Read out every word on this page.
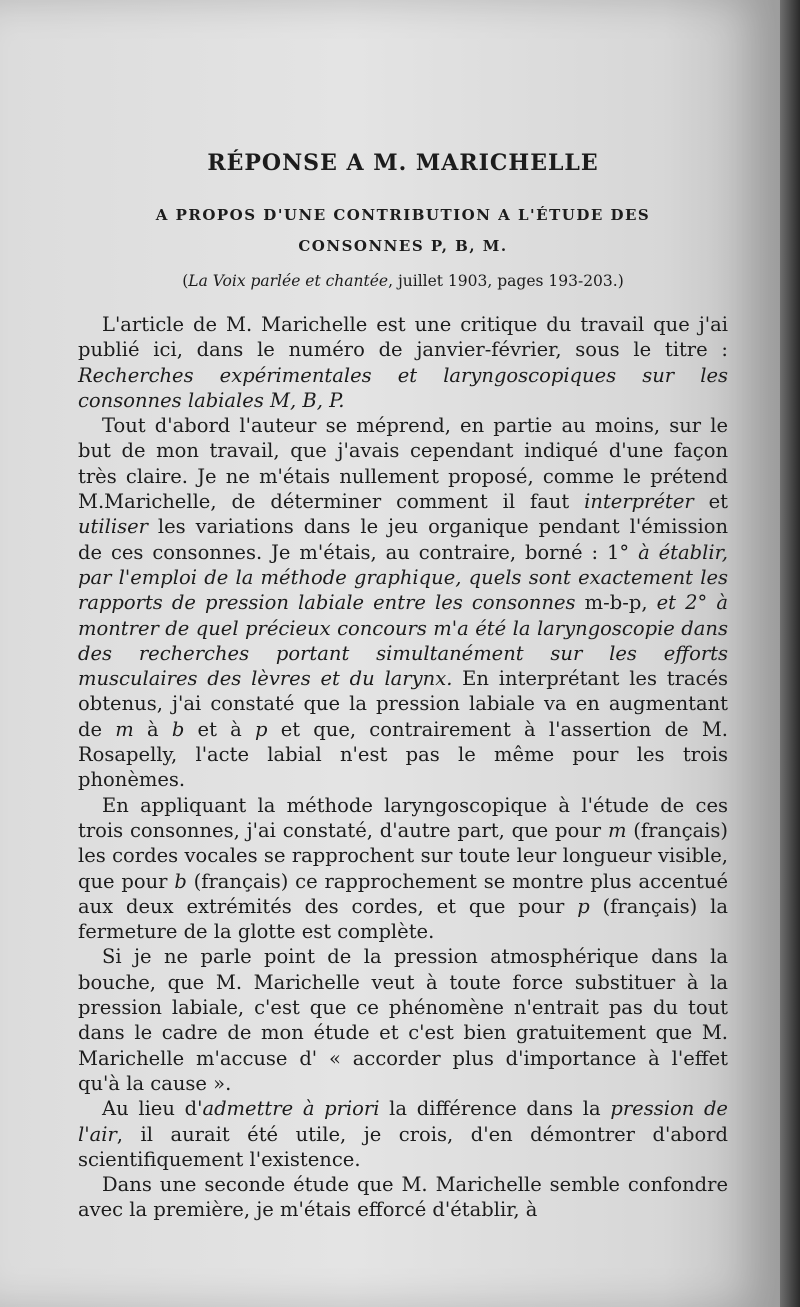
RÉPONSE A M. MARICHELLE
A PROPOS D'UNE CONTRIBUTION A L'ÉTUDE DES
CONSONNES P, B, M.
(La Voix parlée et chantée, juillet 1903, pages 193-203.)

L'article de M. Marichelle est une critique du travail que j'ai publié ici, dans le numéro de janvier-février, sous le titre : Recherches expérimentales et laryngoscopiques sur les consonnes labiales M, B, P.

Tout d'abord l'auteur se méprend, en partie au moins, sur le but de mon travail, que j'avais cependant indiqué d'une façon très claire. Je ne m'étais nullement proposé, comme le prétend M.Marichelle, de déterminer comment il faut interpréter et utiliser les variations dans le jeu organique pendant l'émission de ces consonnes. Je m'étais, au contraire, borné : 1° à établir, par l'emploi de la méthode graphique, quels sont exactement les rapports de pression labiale entre les consonnes m-b-p, et 2° à montrer de quel précieux concours m'a été la laryngoscopie dans des recherches portant simultanément sur les efforts musculaires des lèvres et du larynx. En interprétant les tracés obtenus, j'ai constaté que la pression labiale va en augmentant de m à b et à p et que, contrairement à l'assertion de M. Rosapelly, l'acte labial n'est pas le même pour les trois phonèmes.

En appliquant la méthode laryngoscopique à l'étude de ces trois consonnes, j'ai constaté, d'autre part, que pour m (français) les cordes vocales se rapprochent sur toute leur longueur visible, que pour b (français) ce rapprochement se montre plus accentué aux deux extrémités des cordes, et que pour p (français) la fermeture de la glotte est complète.

Si je ne parle point de la pression atmosphérique dans la bouche, que M. Marichelle veut à toute force substituer à la pression labiale, c'est que ce phénomène n'entrait pas du tout dans le cadre de mon étude et c'est bien gratuitement que M. Marichelle m'accuse d' « accorder plus d'importance à l'effet qu'à la cause ».

Au lieu d'admettre à priori la différence dans la pression de l'air, il aurait été utile, je crois, d'en démontrer d'abord scientifiquement l'existence.

Dans une seconde étude que M. Marichelle semble confondre avec la première, je m'étais efforcé d'établir, à
